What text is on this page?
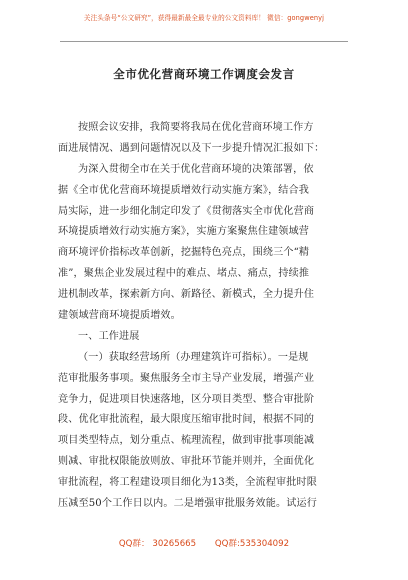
关注头条号“公文研究”，获得最新最全最专业的公文资料库！ 微信：gongwenyj
全市优化营商环境工作调度会发言
按照会议安排，我简要将我局在优化营商环境工作方
面进展情况、遇到问题情况以及下一步提升情况汇报如下：
为深入贯彻全市在关于优化营商环境的决策部署，依
据《全市优化营商环境提质增效行动实施方案》，结合我
局实际，进一步细化制定印发了《贯彻落实全市优化营商
环境提质增效行动实施方案》，实施方案聚焦住建领域营
商环境评价指标改革创新，挖掘特色亮点，围绕三个“精
准”，聚焦企业发展过程中的难点、堵点、痛点，持续推
进机制改革，探索新方向、新路径、新模式，全力提升住
建领域营商环境提质增效。
一、工作进展
（一）获取经营场所（办理建筑许可指标）。一是规
范审批服务事项。聚焦服务全市主导产业发展，增强产业
竞争力，促进项目快速落地，区分项目类型、整合审批阶
段、优化审批流程，最大限度压缩审批时间，根据不同的
项目类型特点，划分重点、梳理流程，做到审批事项能减
则减、审批权限能放则放、审批环节能并则并，全面优化
审批流程，将工程建设项目细化为13类，全流程审批时限
压减至50个工作日以内。二是增强审批服务效能。试运行
QQ群： 30265665 QQ群:535304092
